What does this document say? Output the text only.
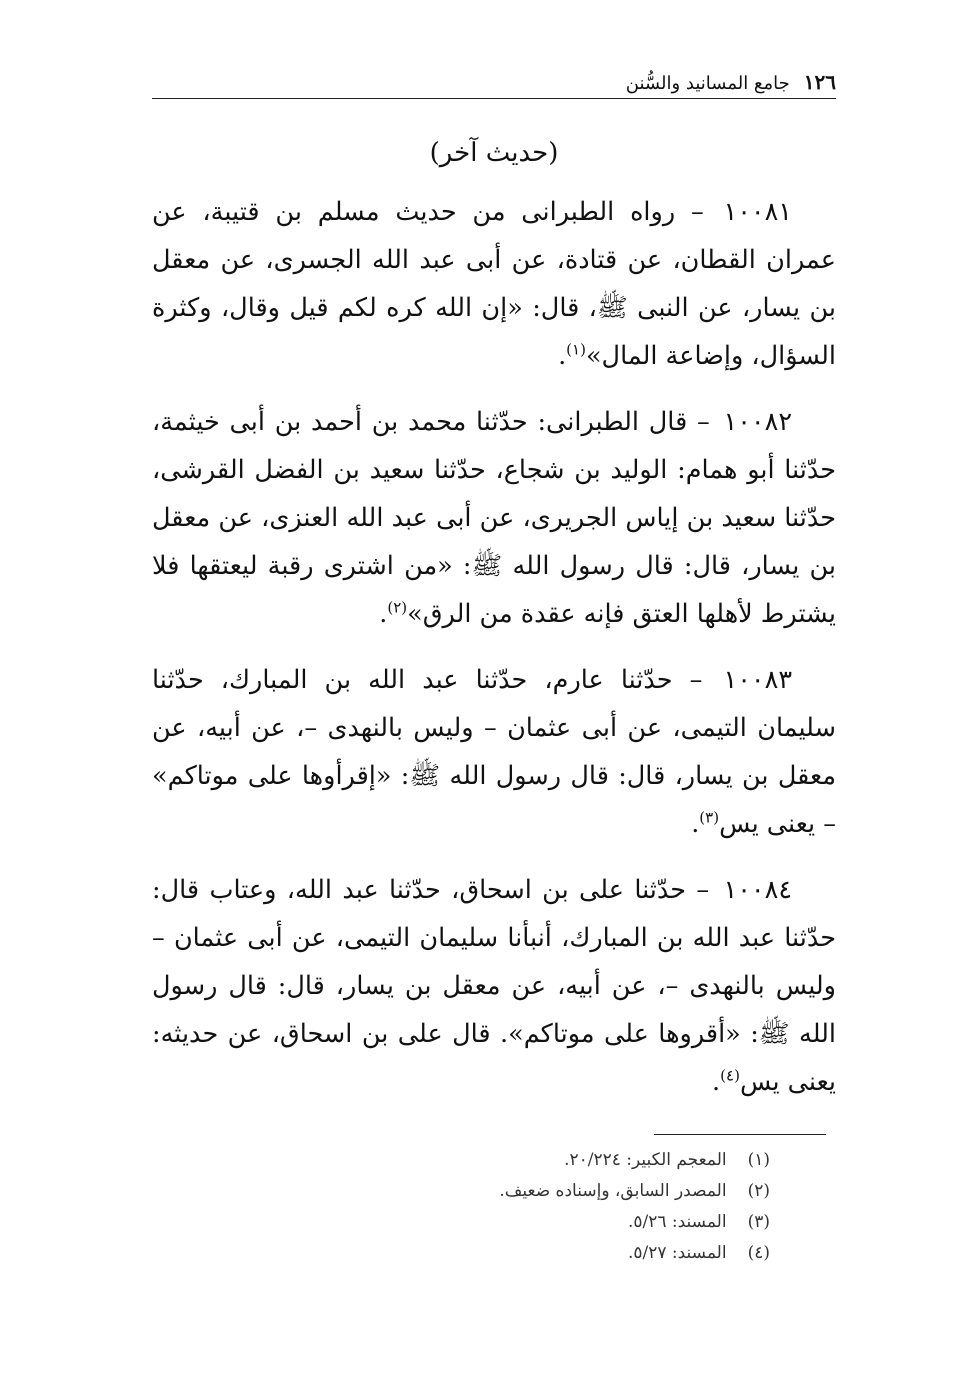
١٢٦
جامع المسانيد والسُّنن
(حديث آخر)

١٠٠٨١ – رواه الطبرانى من حديث مسلم بن قتيبة، عن عمران القطان، عن قتادة، عن أبى عبد الله الجسرى، عن معقل بن يسار، عن النبى ﷺ، قال: «إن الله كره لكم قيل وقال، وكثرة السؤال، وإضاعة المال»$^{(١)}$.

١٠٠٨٢ – قال الطبرانى: حدّثنا محمد بن أحمد بن أبى خيثمة، حدّثنا أبو همام: الوليد بن شجاع، حدّثنا سعيد بن الفضل القرشى، حدّثنا سعيد بن إياس الجريرى، عن أبى عبد الله العنزى، عن معقل بن يسار، قال: قال رسول الله ﷺ: «من اشترى رقبة ليعتقها فلا يشترط لأهلها العتق فإنه عقدة من الرق»$^{(٢)}$.

١٠٠٨٣ – حدّثنا عارم، حدّثنا عبد الله بن المبارك، حدّثنا سليمان التيمى، عن أبى عثمان – وليس بالنهدى –، عن أبيه، عن معقل بن يسار، قال: قال رسول الله ﷺ: «إقرأوها على موتاكم» – يعنى يس$^{(٣)}$.

١٠٠٨٤ – حدّثنا على بن اسحاق، حدّثنا عبد الله، وعتاب قال: حدّثنا عبد الله بن المبارك، أنبأنا سليمان التيمى، عن أبى عثمان – وليس بالنهدى –، عن أبيه، عن معقل بن يسار، قال: قال رسول الله ﷺ: «أقروها على موتاكم». قال على بن اسحاق، عن حديثه: يعنى يس$^{(٤)}$.

(١) المعجم الكبير: ٢٠/٢٢٤.
(٢) المصدر السابق، وإسناده ضعيف.
(٣) المسند: ٥/٢٦.
(٤) المسند: ٥/٢٧.
